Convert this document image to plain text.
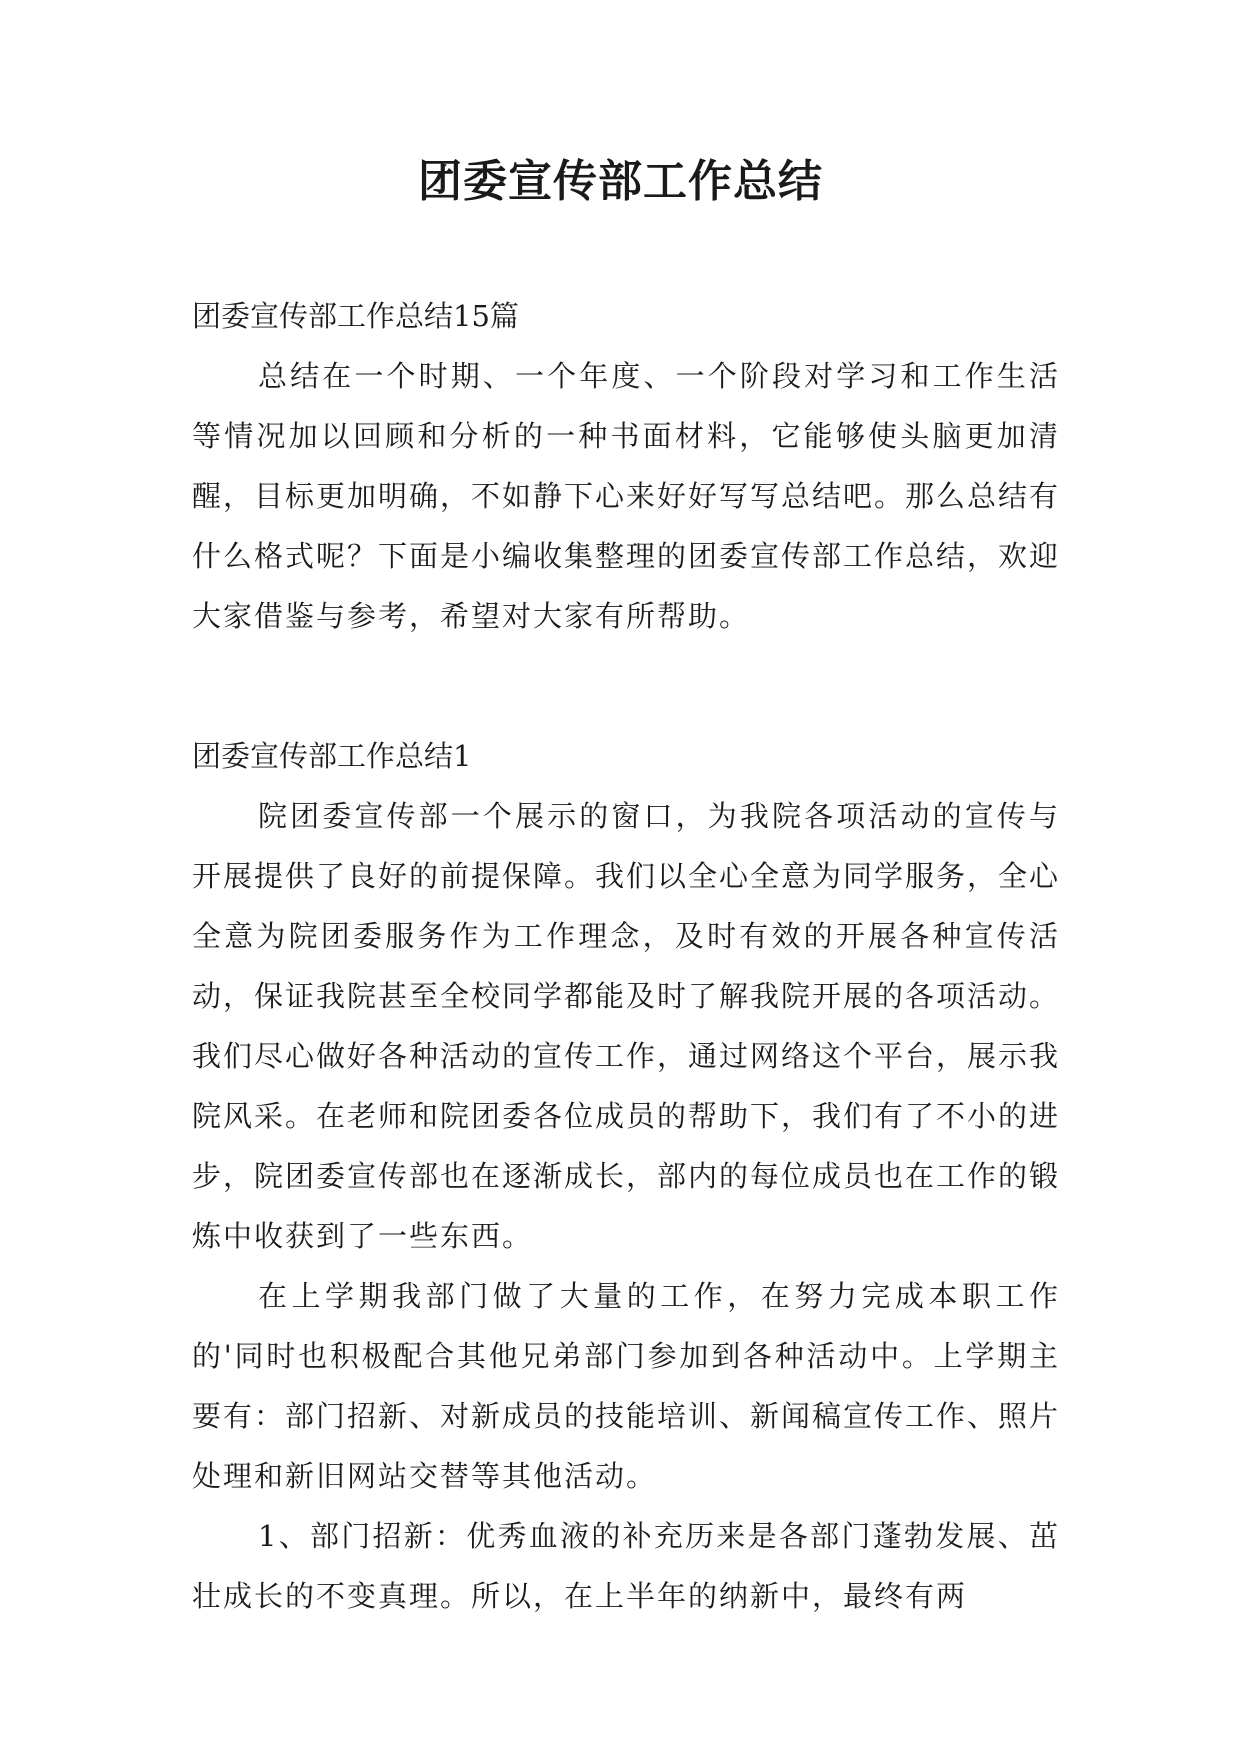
团委宣传部工作总结

团委宣传部工作总结15篇

总结在一个时期、一个年度、一个阶段对学习和工作生活等情况加以回顾和分析的一种书面材料，它能够使头脑更加清醒，目标更加明确，不如静下心来好好写写总结吧。那么总结有什么格式呢？下面是小编收集整理的团委宣传部工作总结，欢迎大家借鉴与参考，希望对大家有所帮助。

团委宣传部工作总结1

院团委宣传部一个展示的窗口，为我院各项活动的宣传与开展提供了良好的前提保障。我们以全心全意为同学服务，全心全意为院团委服务作为工作理念，及时有效的开展各种宣传活动，保证我院甚至全校同学都能及时了解我院开展的各项活动。我们尽心做好各种活动的宣传工作，通过网络这个平台，展示我院风采。在老师和院团委各位成员的帮助下，我们有了不小的进步，院团委宣传部也在逐渐成长，部内的每位成员也在工作的锻炼中收获到了一些东西。

在上学期我部门做了大量的工作，在努力完成本职工作的'同时也积极配合其他兄弟部门参加到各种活动中。上学期主要有：部门招新、对新成员的技能培训、新闻稿宣传工作、照片处理和新旧网站交替等其他活动。

1、部门招新：优秀血液的补充历来是各部门蓬勃发展、茁壮成长的不变真理。所以，在上半年的纳新中，最终有两
